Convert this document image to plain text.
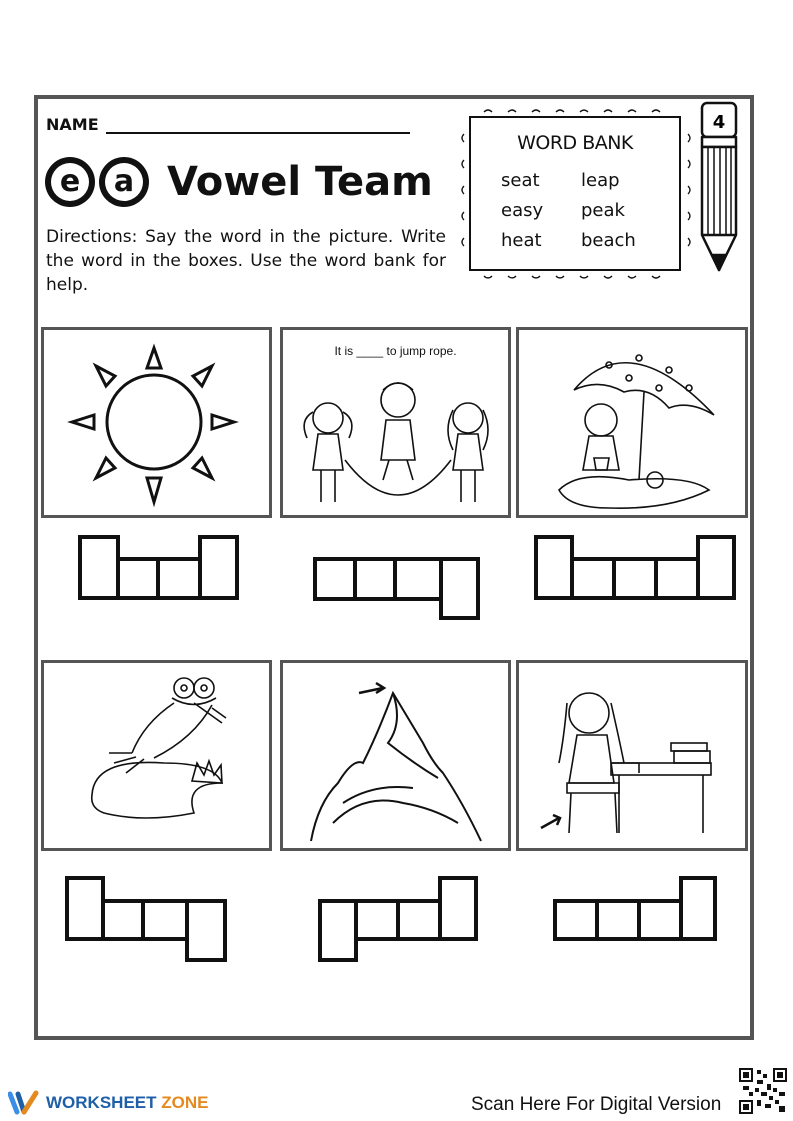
NAME
e a Vowel Team
Directions: Say the word in the picture. Write the word in the boxes. Use the word bank for help.
WORD BANK
seat	leap
easy	peak
heat	beach
4
It is ____ to jump rope.
WORKSHEET ZONE	Scan Here For Digital Version
